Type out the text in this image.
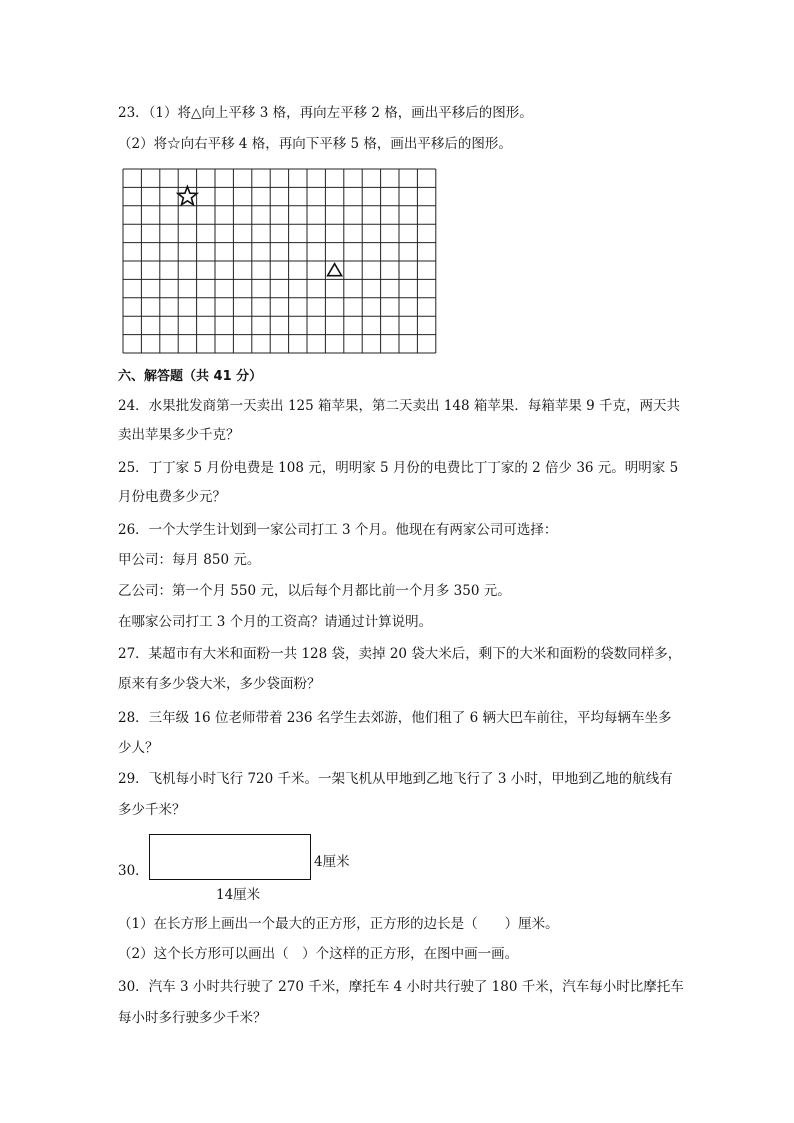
23．（1）将△向上平移 3 格，再向左平移 2 格，画出平移后的图形。
（2）将☆向右平移 4 格，再向下平移 5 格，画出平移后的图形。
六、解答题（共 41 分）
24．水果批发商第一天卖出 125 箱苹果，第二天卖出 148 箱苹果．每箱苹果 9 千克，两天共
卖出苹果多少千克？
25．丁丁家 5 月份电费是 108 元，明明家 5 月份的电费比丁丁家的 2 倍少 36 元。明明家 5
月份电费多少元？
26．一个大学生计划到一家公司打工 3 个月。他现在有两家公司可选择：
甲公司：每月 850 元。
乙公司：第一个月 550 元，以后每个月都比前一个月多 350 元。
在哪家公司打工 3 个月的工资高？请通过计算说明。
27．某超市有大米和面粉一共 128 袋，卖掉 20 袋大米后，剩下的大米和面粉的袋数同样多，
原来有多少袋大米，多少袋面粉？
28．三年级 16 位老师带着 236 名学生去郊游，他们租了 6 辆大巴车前往，平均每辆车坐多
少人？
29．飞机每小时飞行 720 千米。一架飞机从甲地到乙地飞行了 3 小时，甲地到乙地的航线有
多少千米？
30．
4厘米
14厘米
（1）在长方形上画出一个最大的正方形，正方形的边长是（　　）厘米。
（2）这个长方形可以画出（　）个这样的正方形，在图中画一画。
30．汽车 3 小时共行驶了 270 千米，摩托车 4 小时共行驶了 180 千米，汽车每小时比摩托车
每小时多行驶多少千米？
